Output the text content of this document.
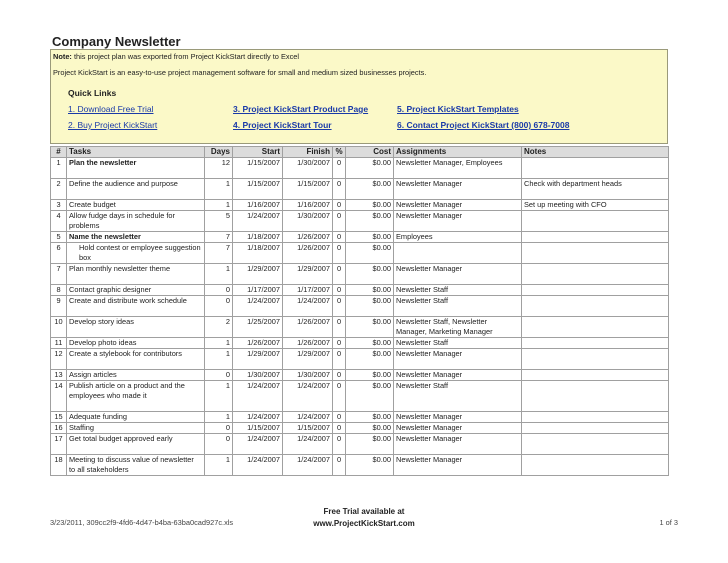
Company Newsletter
Note: this project plan was exported from Project KickStart directly to Excel
Project KickStart is an easy-to-use project management software for small and medium sized businesses projects.
Quick Links
1. Download Free Trial
2. Buy Project KickStart
3. Project KickStart Product Page
4. Project KickStart Tour
5. Project KickStart Templates
6. Contact Project KickStart (800) 678-7008
#	Tasks	Days	Start	Finish	%	Cost	Assignments	Notes
1	Plan the newsletter	12	1/15/2007	1/30/2007	0	$0.00	Newsletter Manager, Employees	
2	Define the audience and purpose	1	1/15/2007	1/15/2007	0	$0.00	Newsletter Manager	Check with department heads
3	Create budget	1	1/16/2007	1/16/2007	0	$0.00	Newsletter Manager	Set up meeting with CFO
4	Allow fudge days in schedule for problems	5	1/24/2007	1/30/2007	0	$0.00	Newsletter Manager	
5	Name the newsletter	7	1/18/2007	1/26/2007	0	$0.00	Employees	
6	Hold contest or employee suggestion box	7	1/18/2007	1/26/2007	0	$0.00		
7	Plan monthly newsletter theme	1	1/29/2007	1/29/2007	0	$0.00	Newsletter Manager	
8	Contact graphic designer	0	1/17/2007	1/17/2007	0	$0.00	Newsletter Staff	
9	Create and distribute work schedule	0	1/24/2007	1/24/2007	0	$0.00	Newsletter Staff	
10	Develop story ideas	2	1/25/2007	1/26/2007	0	$0.00	Newsletter Staff, Newsletter Manager, Marketing Manager	
11	Develop photo ideas	1	1/26/2007	1/26/2007	0	$0.00	Newsletter Staff	
12	Create a stylebook for contributors	1	1/29/2007	1/29/2007	0	$0.00	Newsletter Manager	
13	Assign articles	0	1/30/2007	1/30/2007	0	$0.00	Newsletter Manager	
14	Publish article on a product and the employees who made it	1	1/24/2007	1/24/2007	0	$0.00	Newsletter Staff	
15	Adequate funding	1	1/24/2007	1/24/2007	0	$0.00	Newsletter Manager	
16	Staffing	0	1/15/2007	1/15/2007	0	$0.00	Newsletter Manager	
17	Get total budget approved early	0	1/24/2007	1/24/2007	0	$0.00	Newsletter Manager	
18	Meeting to discuss value of newsletter to all stakeholders	1	1/24/2007	1/24/2007	0	$0.00	Newsletter Manager	
Free Trial available at
www.ProjectKickStart.com
3/23/2011, 309cc2f9-4fd6-4d47-b4ba-63ba0cad927c.xls	1 of 3
